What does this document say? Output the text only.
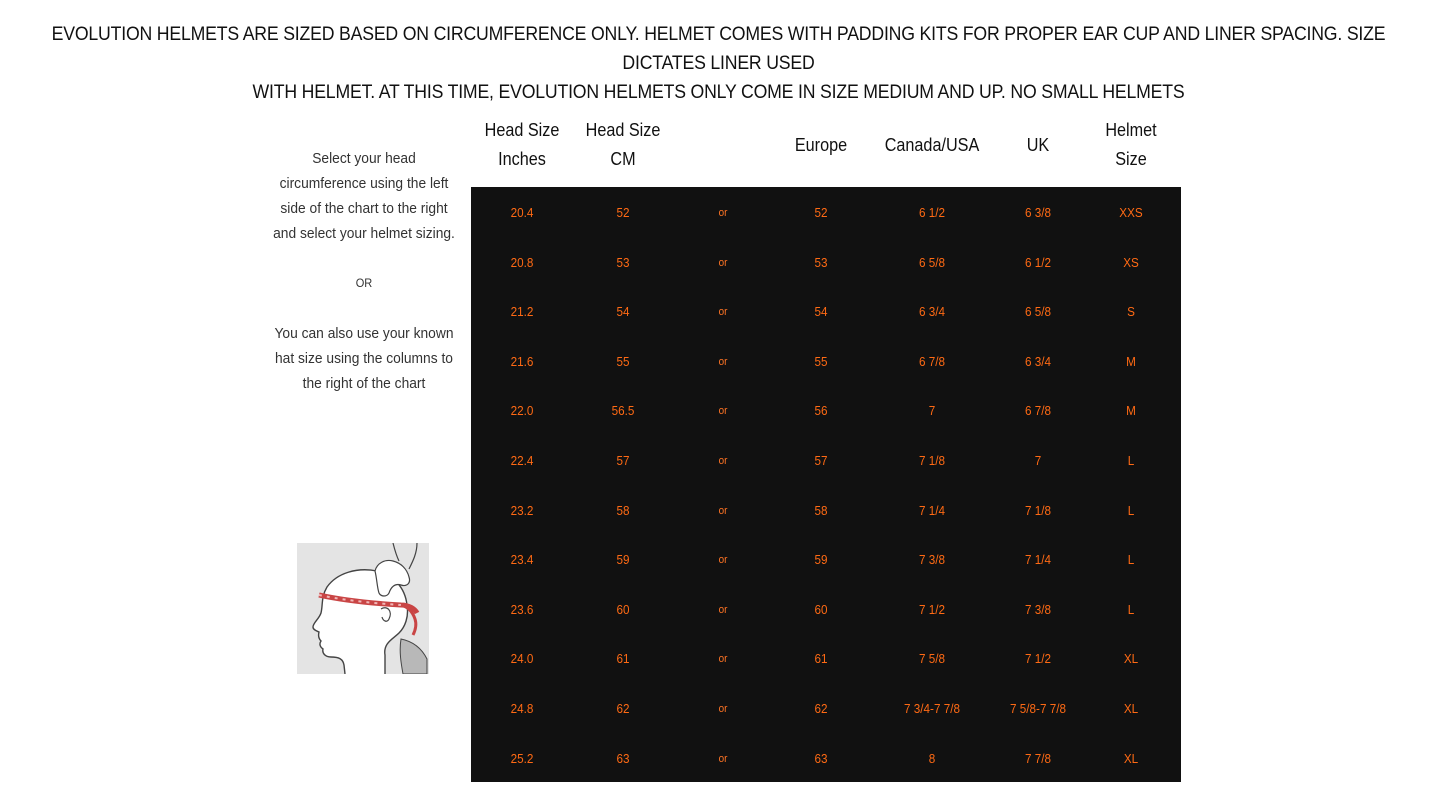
EVOLUTION HELMETS ARE SIZED BASED ON CIRCUMFERENCE ONLY. HELMET COMES WITH PADDING KITS FOR PROPER EAR CUP AND LINER SPACING. SIZE DICTATES LINER USED
WITH HELMET. AT THIS TIME, EVOLUTION HELMETS ONLY COME IN SIZE MEDIUM AND UP. NO SMALL HELMETS

Select your head
circumference using the left
side of the chart to the right
and select your helmet sizing.

OR

You can also use your known
hat size using the columns to
the right of the chart

Head Size
Inches
Head Size
CM
Europe	Canada/USA	UK
Helmet
Size
20.4	52	or	52	6 1/2	6 3/8	XXS
20.8	53	or	53	6 5/8	6 1/2	XS
21.2	54	or	54	6 3/4	6 5/8	S
21.6	55	or	55	6 7/8	6 3/4	M
22.0	56.5	or	56	7	6 7/8	M
22.4	57	or	57	7 1/8	7	L
23.2	58	or	58	7 1/4	7 1/8	L
23.4	59	or	59	7 3/8	7 1/4	L
23.6	60	or	60	7 1/2	7 3/8	L
24.0	61	or	61	7 5/8	7 1/2	XL
24.8	62	or	62	7 3/4-7 7/8	7 5/8-7 7/8	XL
25.2	63	or	63	8	7 7/8	XL
